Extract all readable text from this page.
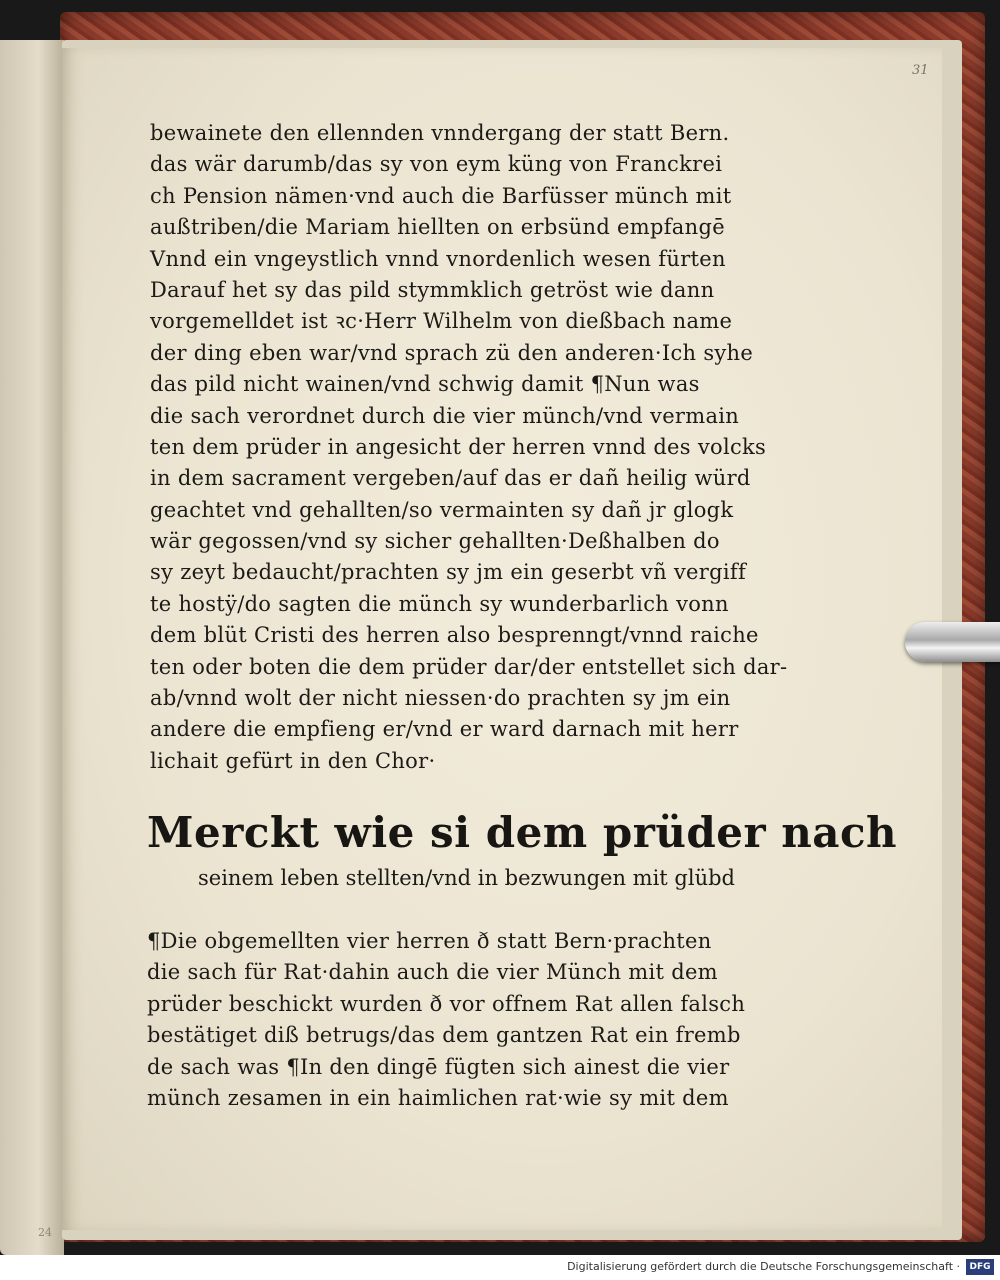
31
24
bewainete den ellennden vnndergang der statt Bern.
das wär darumb/das sy von eym küng von Franckrei
ch Pension nämen·vnd auch die Barfüsser münch mit
außtriben/die Mariam hiellten on erbsünd empfangē
Vnnd ein vngeystlich vnnd vnordenlich wesen fürten
Darauf het sy das pild stymmklich getröst wie dann
vorgemelldet ist ꝛc·Herr Wilhelm von dießbach name
der ding eben war/vnd sprach zü den anderen·Ich syhe
das pild nicht wainen/vnd schwig damit ¶Nun was
die sach verordnet durch die vier münch/vnd vermain
ten dem prüder in angesicht der herren vnnd des volcks
in dem sacrament vergeben/auf das er dañ heilig würd
geachtet vnd gehallten/so vermainten sy dañ jr glogk
wär gegossen/vnd sy sicher gehallten·Deßhalben do
sy zeyt bedaucht/prachten sy jm ein geserbt vñ vergiff
te hostÿ/do sagten die münch sy wunderbarlich vonn
dem blüt Cristi des herren also besprenngt/vnnd raiche
ten oder boten die dem prüder dar/der entstellet sich dar-
ab/vnnd wolt der nicht niessen·do prachten sy jm ein
andere die empfieng er/vnd er ward darnach mit herr
lichait gefürt in den Chor·
Merckt wie si dem prüder nach
seinem leben stellten/vnd in bezwungen mit glübd
¶Die obgemellten vier herren ð statt Bern·prachten
die sach für Rat·dahin auch die vier Münch mit dem
prüder beschickt wurden ð vor offnem Rat allen falsch
bestätiget diß betrugs/das dem gantzen Rat ein fremb
de sach was ¶In den dingē fügten sich ainest die vier
münch zesamen in ein haimlichen rat·wie sy mit dem
Digitalisierung gefördert durch die Deutsche Forschungsgemeinschaft ·	DFG
